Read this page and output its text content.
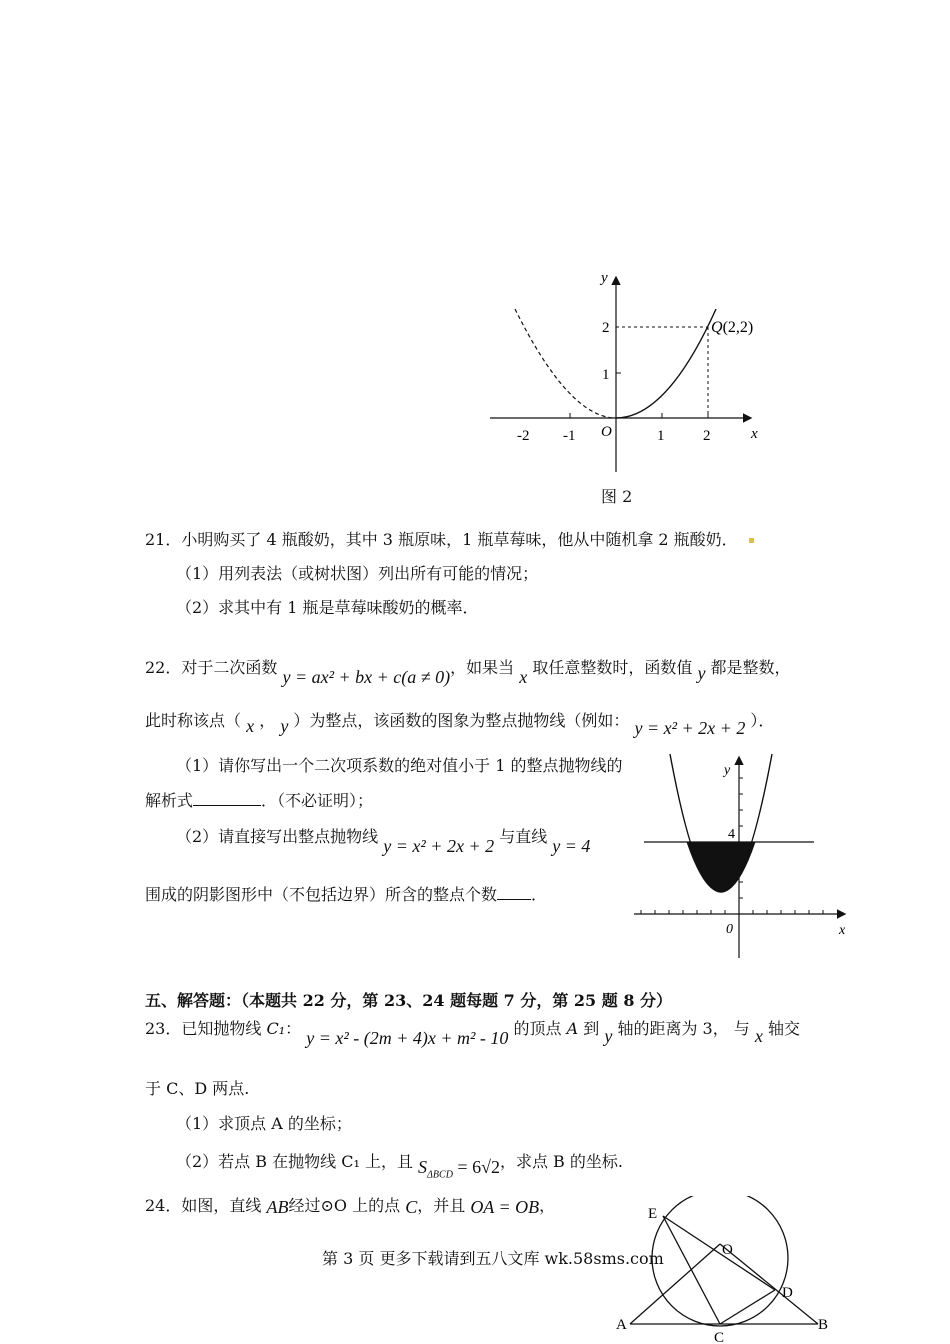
-2 -1	1	2
1
2
O	x
y
Q(2,2)
图 2
21．小明购买了 4 瓶酸奶，其中 3 瓶原味，1 瓶草莓味，他从中随机拿 2 瓶酸奶．
（1）用列表法（或树状图）列出所有可能的情况；
（2）求其中有 1 瓶是草莓味酸奶的概率．
22．对于二次函数 y = ax² + bx + c(a ≠ 0)，如果当 x 取任意整数时，函数值 y 都是整数，
此时称该点（ x ， y ）为整点，该函数的图象为整点抛物线（例如： y = x² + 2x + 2 ）．
（1）请你写出一个二次项系数的绝对值小于 1 的整点抛物线的
解析式	．（不必证明）；
（2）请直接写出整点抛物线 y = x² + 2x + 2 与直线 y = 4
围成的阴影图形中（不包括边界）所含的整点个数 ．
4
0	x
y
五、解答题：（本题共 22 分，第 23、24 题每题 7 分，第 25 题 8 分）
23．已知抛物线 C₁： y = x² - (2m + 4)x + m² - 10 的顶点 A 到 y 轴的距离为 3， 与 x 轴交
于 C、D 两点.
（1）求顶点 A 的坐标；
（2）若点 B 在抛物线 C₁ 上，且 $S_{\Delta BCD} = 6√2$，求点 B 的坐标.
24．如图，直线 AB经过⊙O 上的点 C，并且 OA = OB，	E
O
D
A
C
B
第 3 页 更多下载请到五八文库 wk.58sms.com
